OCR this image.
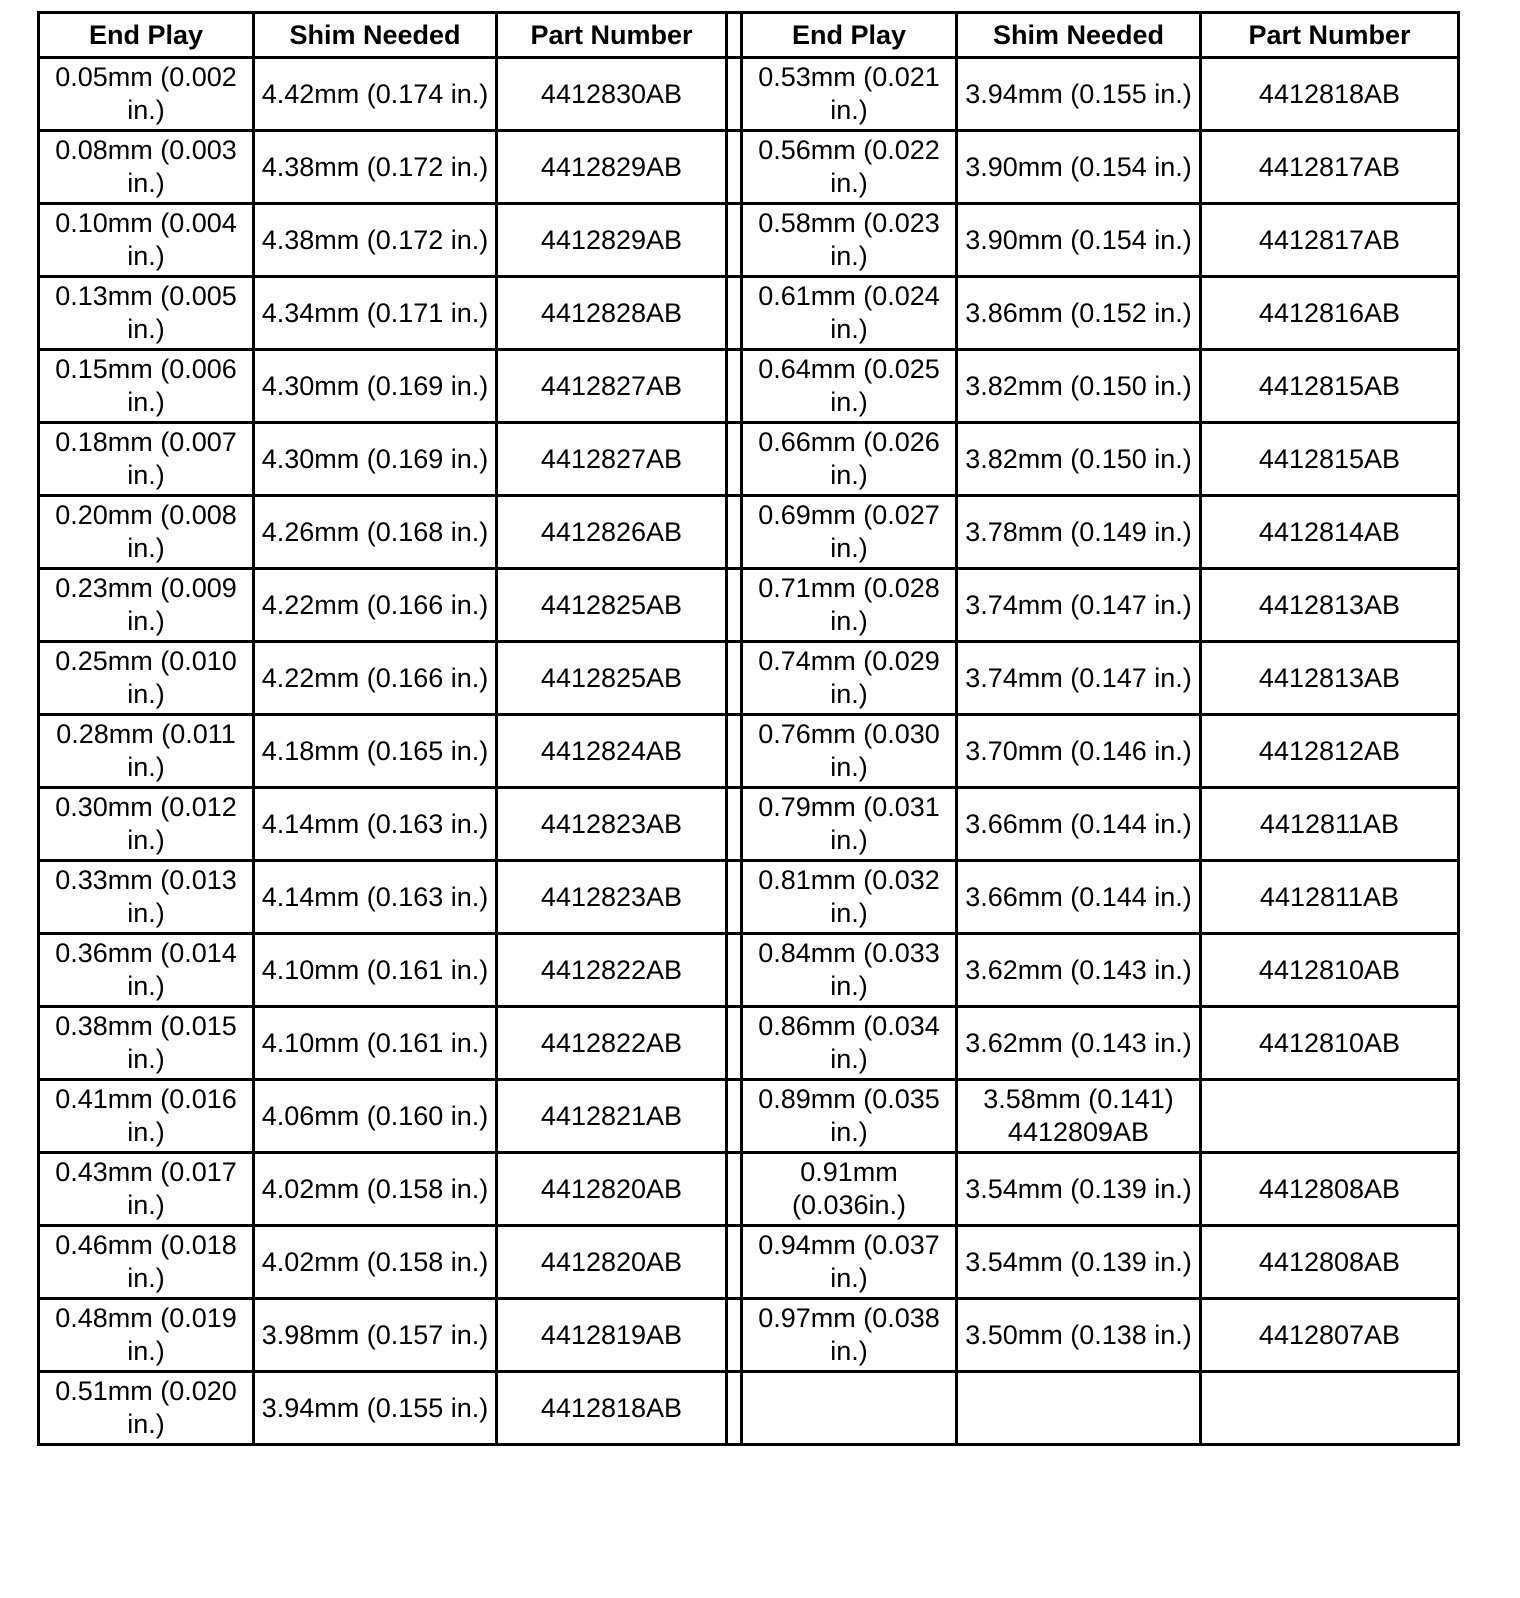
End Play	Shim Needed	Part Number		End Play	Shim Needed	Part Number
0.05mm (0.002 in.)	4.42mm (0.174 in.)	4412830AB		0.53mm (0.021 in.)	3.94mm (0.155 in.)	4412818AB
0.08mm (0.003 in.)	4.38mm (0.172 in.)	4412829AB		0.56mm (0.022 in.)	3.90mm (0.154 in.)	4412817AB
0.10mm (0.004 in.)	4.38mm (0.172 in.)	4412829AB		0.58mm (0.023 in.)	3.90mm (0.154 in.)	4412817AB
0.13mm (0.005 in.)	4.34mm (0.171 in.)	4412828AB		0.61mm (0.024 in.)	3.86mm (0.152 in.)	4412816AB
0.15mm (0.006 in.)	4.30mm (0.169 in.)	4412827AB		0.64mm (0.025 in.)	3.82mm (0.150 in.)	4412815AB
0.18mm (0.007 in.)	4.30mm (0.169 in.)	4412827AB		0.66mm (0.026 in.)	3.82mm (0.150 in.)	4412815AB
0.20mm (0.008 in.)	4.26mm (0.168 in.)	4412826AB		0.69mm (0.027 in.)	3.78mm (0.149 in.)	4412814AB
0.23mm (0.009 in.)	4.22mm (0.166 in.)	4412825AB		0.71mm (0.028 in.)	3.74mm (0.147 in.)	4412813AB
0.25mm (0.010 in.)	4.22mm (0.166 in.)	4412825AB		0.74mm (0.029 in.)	3.74mm (0.147 in.)	4412813AB
0.28mm (0.011 in.)	4.18mm (0.165 in.)	4412824AB		0.76mm (0.030 in.)	3.70mm (0.146 in.)	4412812AB
0.30mm (0.012 in.)	4.14mm (0.163 in.)	4412823AB		0.79mm (0.031 in.)	3.66mm (0.144 in.)	4412811AB
0.33mm (0.013 in.)	4.14mm (0.163 in.)	4412823AB		0.81mm (0.032 in.)	3.66mm (0.144 in.)	4412811AB
0.36mm (0.014 in.)	4.10mm (0.161 in.)	4412822AB		0.84mm (0.033 in.)	3.62mm (0.143 in.)	4412810AB
0.38mm (0.015 in.)	4.10mm (0.161 in.)	4412822AB		0.86mm (0.034 in.)	3.62mm (0.143 in.)	4412810AB
0.41mm (0.016 in.)	4.06mm (0.160 in.)	4412821AB		0.89mm (0.035 in.)	3.58mm (0.141) 4412809AB	
0.43mm (0.017 in.)	4.02mm (0.158 in.)	4412820AB		0.91mm (0.036in.)	3.54mm (0.139 in.)	4412808AB
0.46mm (0.018 in.)	4.02mm (0.158 in.)	4412820AB		0.94mm (0.037 in.)	3.54mm (0.139 in.)	4412808AB
0.48mm (0.019 in.)	3.98mm (0.157 in.)	4412819AB		0.97mm (0.038 in.)	3.50mm (0.138 in.)	4412807AB
0.51mm (0.020 in.)	3.94mm (0.155 in.)	4412818AB				
